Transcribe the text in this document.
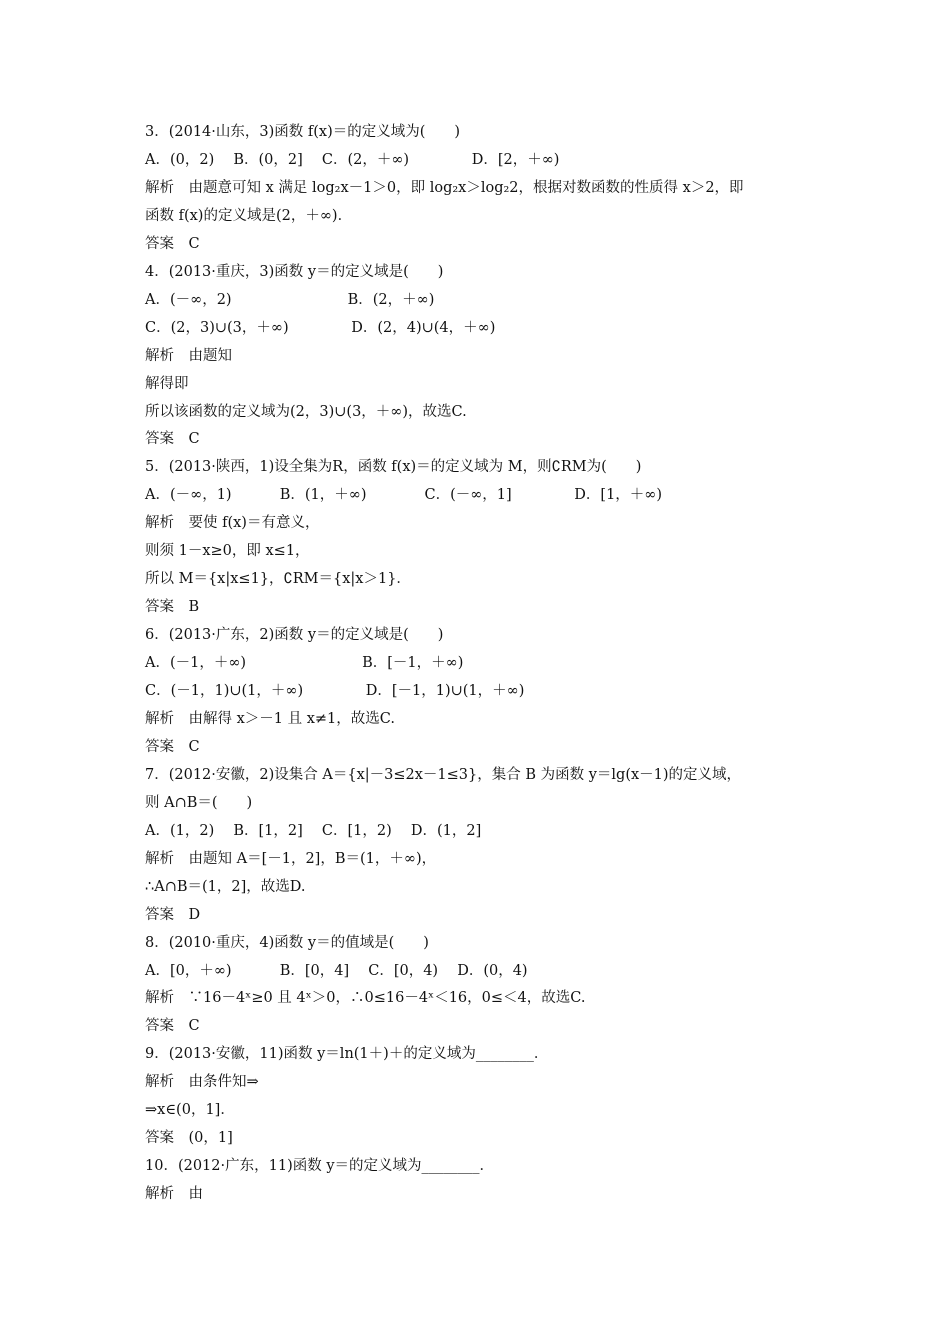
3．(2014·山东，3)函数 f(x)＝的定义域为(　　)
A．(0，2)　 B．(0，2]　 C．(2，＋∞)　　　　 D．[2，＋∞)
解析　由题意可知 x 满足 log₂x－1＞0，即 log₂x＞log₂2，根据对数函数的性质得 x＞2，即
函数 f(x)的定义域是(2，＋∞)．
答案　C
4．(2013·重庆，3)函数 y＝的定义域是(　　)
A．(－∞，2)　　　　　　　　B．(2，＋∞)
C．(2，3)∪(3，＋∞)　　　　 D．(2，4)∪(4，＋∞)
解析　由题知
解得即
所以该函数的定义域为(2，3)∪(3，＋∞)，故选C.
答案　C
5．(2013·陕西，1)设全集为R，函数 f(x)＝的定义域为 M，则∁RM为(　　)
A．(－∞，1)　　　 B．(1，＋∞)　　　　C．(－∞，1]　　　　 D．[1，＋∞)
解析　要使 f(x)＝有意义，
则须 1－x≥0，即 x≤1，
所以 M＝{x|x≤1}，∁RM＝{x|x＞1}．
答案　B
6．(2013·广东，2)函数 y＝的定义域是(　　)
A．(－1，＋∞)　　　　　　　　B．[－1，＋∞)
C．(－1，1)∪(1，＋∞)　　　　 D．[－1，1)∪(1，＋∞)
解析　由解得 x＞－1 且 x≠1，故选C.
答案　C
7．(2012·安徽，2)设集合 A＝{x|－3≤2x－1≤3}，集合 B 为函数 y＝lg(x－1)的定义域，
则 A∩B＝(　　)
A．(1，2)　 B．[1，2]　 C．[1，2)　 D．(1，2]
解析　由题知 A＝[－1，2]，B＝(1，＋∞)，
∴A∩B＝(1，2]，故选D.
答案　D
8．(2010·重庆，4)函数 y＝的值域是(　　)
A．[0，＋∞)　　　 B．[0，4]　 C．[0，4)　 D．(0，4)
解析　∵16－4ˣ≥0 且 4ˣ＞0，∴0≤16－4ˣ＜16，0≤＜4，故选C.
答案　C
9．(2013·安徽，11)函数 y＝ln(1＋)＋的定义域为________．
解析　由条件知⇒
⇒x∈(0，1]．
答案　(0，1]
10．(2012·广东，11)函数 y＝的定义域为________．
解析　由
